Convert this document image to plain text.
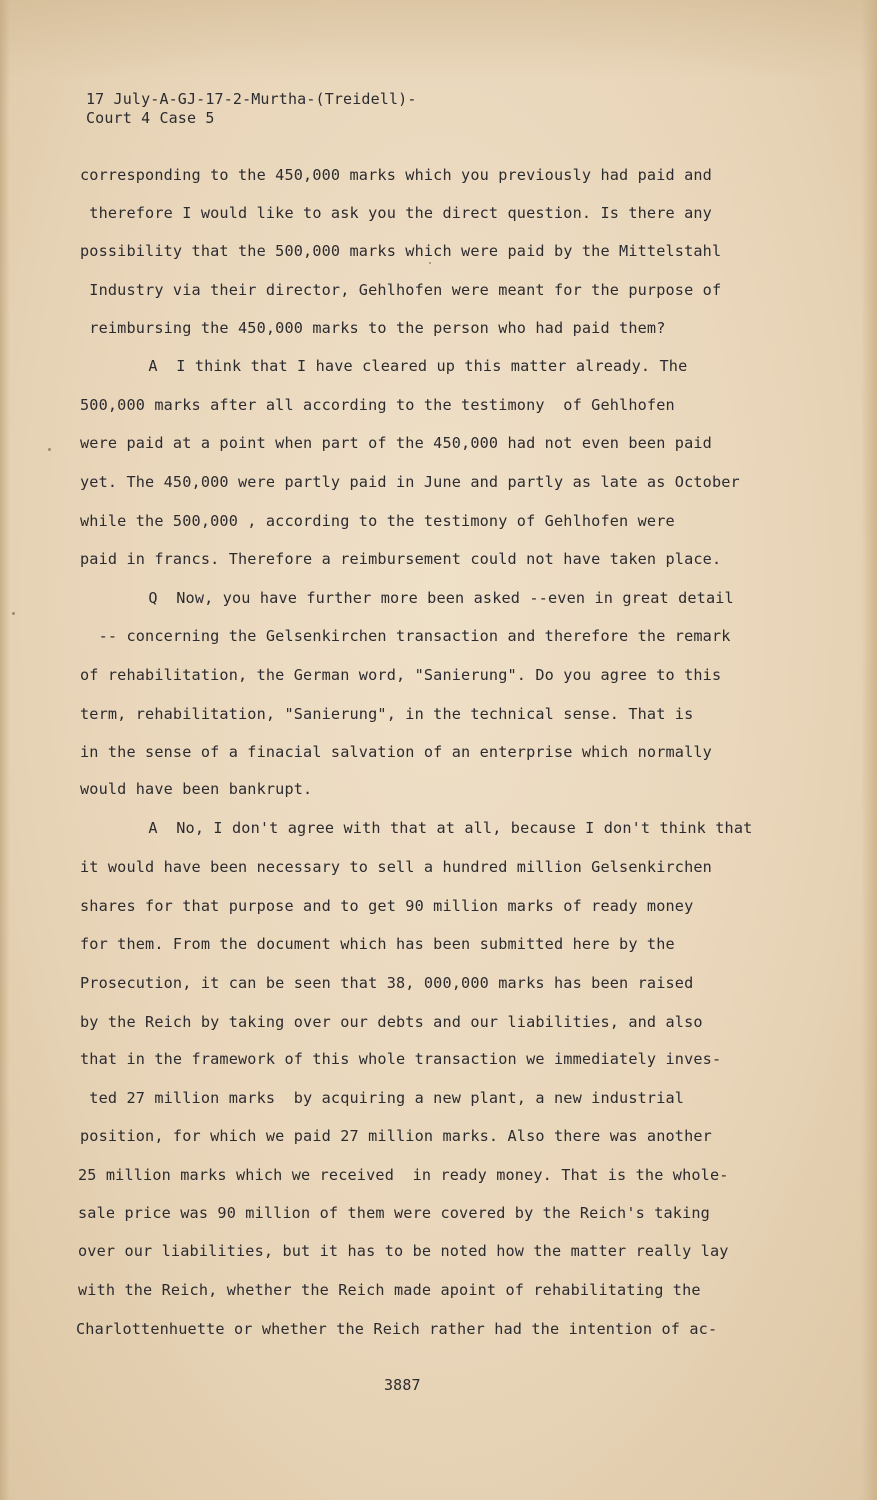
17 July-A-GJ-17-2-Murtha-(Treidell)-
Court 4 Case 5
corresponding to the 450,000 marks which you previously had paid and
therefore I would like to ask you the direct question. Is there any
possibility that the 500,000 marks which were paid by the Mittelstahl
Industry via their director, Gehlhofen were meant for the purpose of
reimbursing the 450,000 marks to the person who had paid them?
A  I think that I have cleared up this matter already. The
500,000 marks after all according to the testimony  of Gehlhofen
were paid at a point when part of the 450,000 had not even been paid
yet. The 450,000 were partly paid in June and partly as late as October
while the 500,000 , according to the testimony of Gehlhofen were
paid in francs. Therefore a reimbursement could not have taken place.
Q  Now, you have further more been asked --even in great detail
-- concerning the Gelsenkirchen transaction and therefore the remark
of rehabilitation, the German word, "Sanierung". Do you agree to this
term, rehabilitation, "Sanierung", in the technical sense. That is
in the sense of a finacial salvation of an enterprise which normally
would have been bankrupt.
A  No, I don't agree with that at all, because I don't think that
it would have been necessary to sell a hundred million Gelsenkirchen
shares for that purpose and to get 90 million marks of ready money
for them. From the document which has been submitted here by the
Prosecution, it can be seen that 38, 000,000 marks has been raised
by the Reich by taking over our debts and our liabilities, and also
that in the framework of this whole transaction we immediately inves-
ted 27 million marks  by acquiring a new plant, a new industrial
position, for which we paid 27 million marks. Also there was another
25 million marks which we received  in ready money. That is the whole-
sale price was 90 million of them were covered by the Reich's taking
over our liabilities, but it has to be noted how the matter really lay
with the Reich, whether the Reich made apoint of rehabilitating the
Charlottenhuette or whether the Reich rather had the intention of ac-
3887
